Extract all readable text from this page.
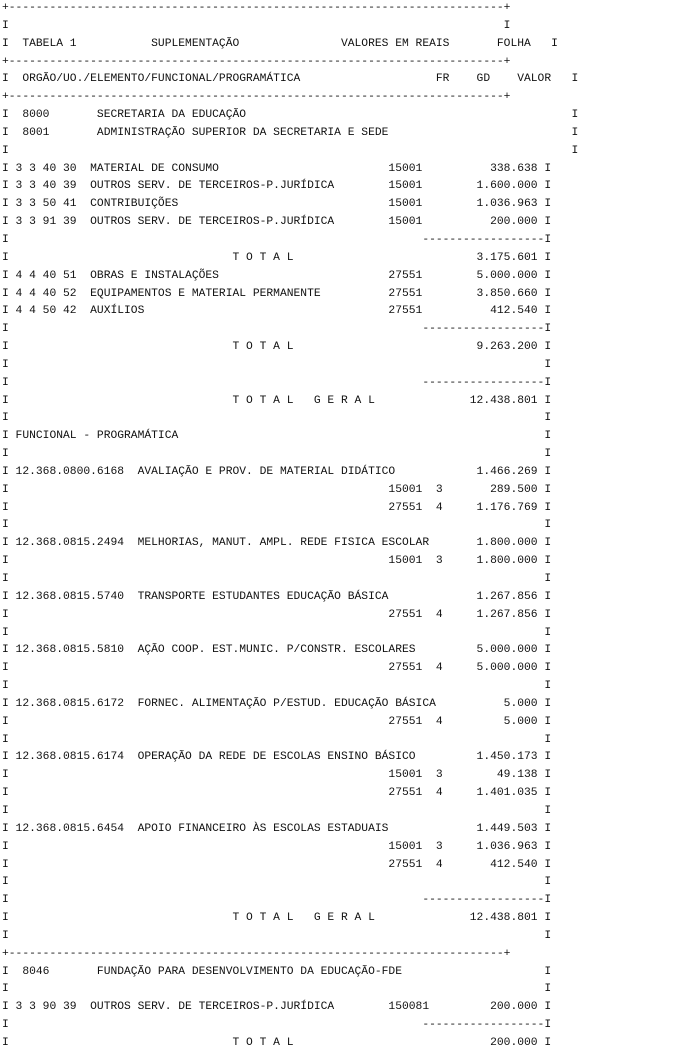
+-------------------------------------------------------------------------+
I                                                                         I
I  TABELA 1           SUPLEMENTAÇÃO               VALORES EM REAIS       FOLHA   I
+-------------------------------------------------------------------------+
I  ORGÃO/UO./ELEMENTO/FUNCIONAL/PROGRAMÁTICA                    FR    GD    VALOR   I
+-------------------------------------------------------------------------+
I  8000       SECRETARIA DA EDUCAÇÃO                                                I
I  8001       ADMINISTRAÇÃO SUPERIOR DA SECRETARIA E SEDE                           I
I                                                                                   I
I 3 3 40 30  MATERIAL DE CONSUMO                         15001          338.638 I
I 3 3 40 39  OUTROS SERV. DE TERCEIROS-P.JURÍDICA        15001        1.600.000 I
I 3 3 50 41  CONTRIBUIÇÕES                               15001        1.036.963 I
I 3 3 91 39  OUTROS SERV. DE TERCEIROS-P.JURÍDICA        15001          200.000 I
I                                                             ------------------I
I                                 T O T A L                           3.175.601 I
I 4 4 40 51  OBRAS E INSTALAÇÕES                         27551        5.000.000 I
I 4 4 40 52  EQUIPAMENTOS E MATERIAL PERMANENTE          27551        3.850.660 I
I 4 4 50 42  AUXÍLIOS                                    27551          412.540 I
I                                                             ------------------I
I                                 T O T A L                           9.263.200 I
I                                                                               I
I                                                             ------------------I
I                                 T O T A L   G E R A L              12.438.801 I
I                                                                               I
I FUNCIONAL - PROGRAMÁTICA                                                      I
I                                                                               I
I 12.368.0800.6168  AVALIAÇÃO E PROV. DE MATERIAL DIDÁTICO            1.466.269 I
I                                                        15001  3       289.500 I
I                                                        27551  4     1.176.769 I
I                                                                               I
I 12.368.0815.2494  MELHORIAS, MANUT. AMPL. REDE FISICA ESCOLAR       1.800.000 I
I                                                        15001  3     1.800.000 I
I                                                                               I
I 12.368.0815.5740  TRANSPORTE ESTUDANTES EDUCAÇÃO BÁSICA             1.267.856 I
I                                                        27551  4     1.267.856 I
I                                                                               I
I 12.368.0815.5810  AÇÃO COOP. EST.MUNIC. P/CONSTR. ESCOLARES         5.000.000 I
I                                                        27551  4     5.000.000 I
I                                                                               I
I 12.368.0815.6172  FORNEC. ALIMENTAÇÃO P/ESTUD. EDUCAÇÃO BÁSICA          5.000 I
I                                                        27551  4         5.000 I
I                                                                               I
I 12.368.0815.6174  OPERAÇÃO DA REDE DE ESCOLAS ENSINO BÁSICO         1.450.173 I
I                                                        15001  3        49.138 I
I                                                        27551  4     1.401.035 I
I                                                                               I
I 12.368.0815.6454  APOIO FINANCEIRO ÀS ESCOLAS ESTADUAIS             1.449.503 I
I                                                        15001  3     1.036.963 I
I                                                        27551  4       412.540 I
I                                                                               I
I                                                             ------------------I
I                                 T O T A L   G E R A L              12.438.801 I
I                                                                               I
+-------------------------------------------------------------------------+
I  8046       FUNDAÇÃO PARA DESENVOLVIMENTO DA EDUCAÇÃO-FDE                     I
I                                                                               I
I 3 3 90 39  OUTROS SERV. DE TERCEIROS-P.JURÍDICA        150081         200.000 I
I                                                             ------------------I
I                                 T O T A L                             200.000 I
